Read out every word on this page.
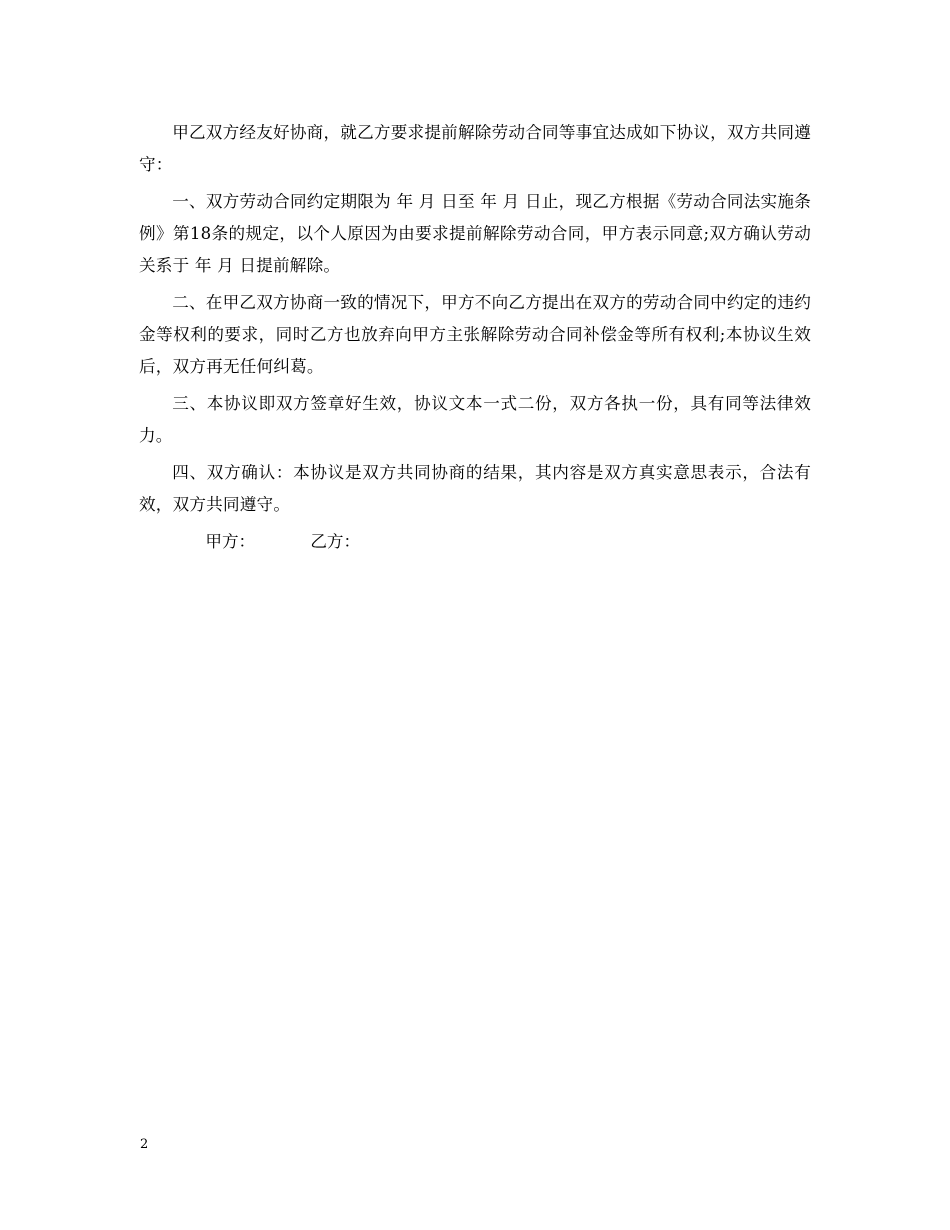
甲乙双方经友好协商，就乙方要求提前解除劳动合同等事宜达成如下协议，双方共同遵守：

一、双方劳动合同约定期限为 年 月 日至 年 月 日止，现乙方根据《劳动合同法实施条例》第18条的规定，以个人原因为由要求提前解除劳动合同，甲方表示同意;双方确认劳动关系于 年 月 日提前解除。

二、在甲乙双方协商一致的情况下，甲方不向乙方提出在双方的劳动合同中约定的违约金等权利的要求，同时乙方也放弃向甲方主张解除劳动合同补偿金等所有权利;本协议生效后，双方再无任何纠葛。

三、本协议即双方签章好生效，协议文本一式二份，双方各执一份，具有同等法律效力。

四、双方确认：本协议是双方共同协商的结果，其内容是双方真实意思表示，合法有效，双方共同遵守。

甲方：	乙方：

2
